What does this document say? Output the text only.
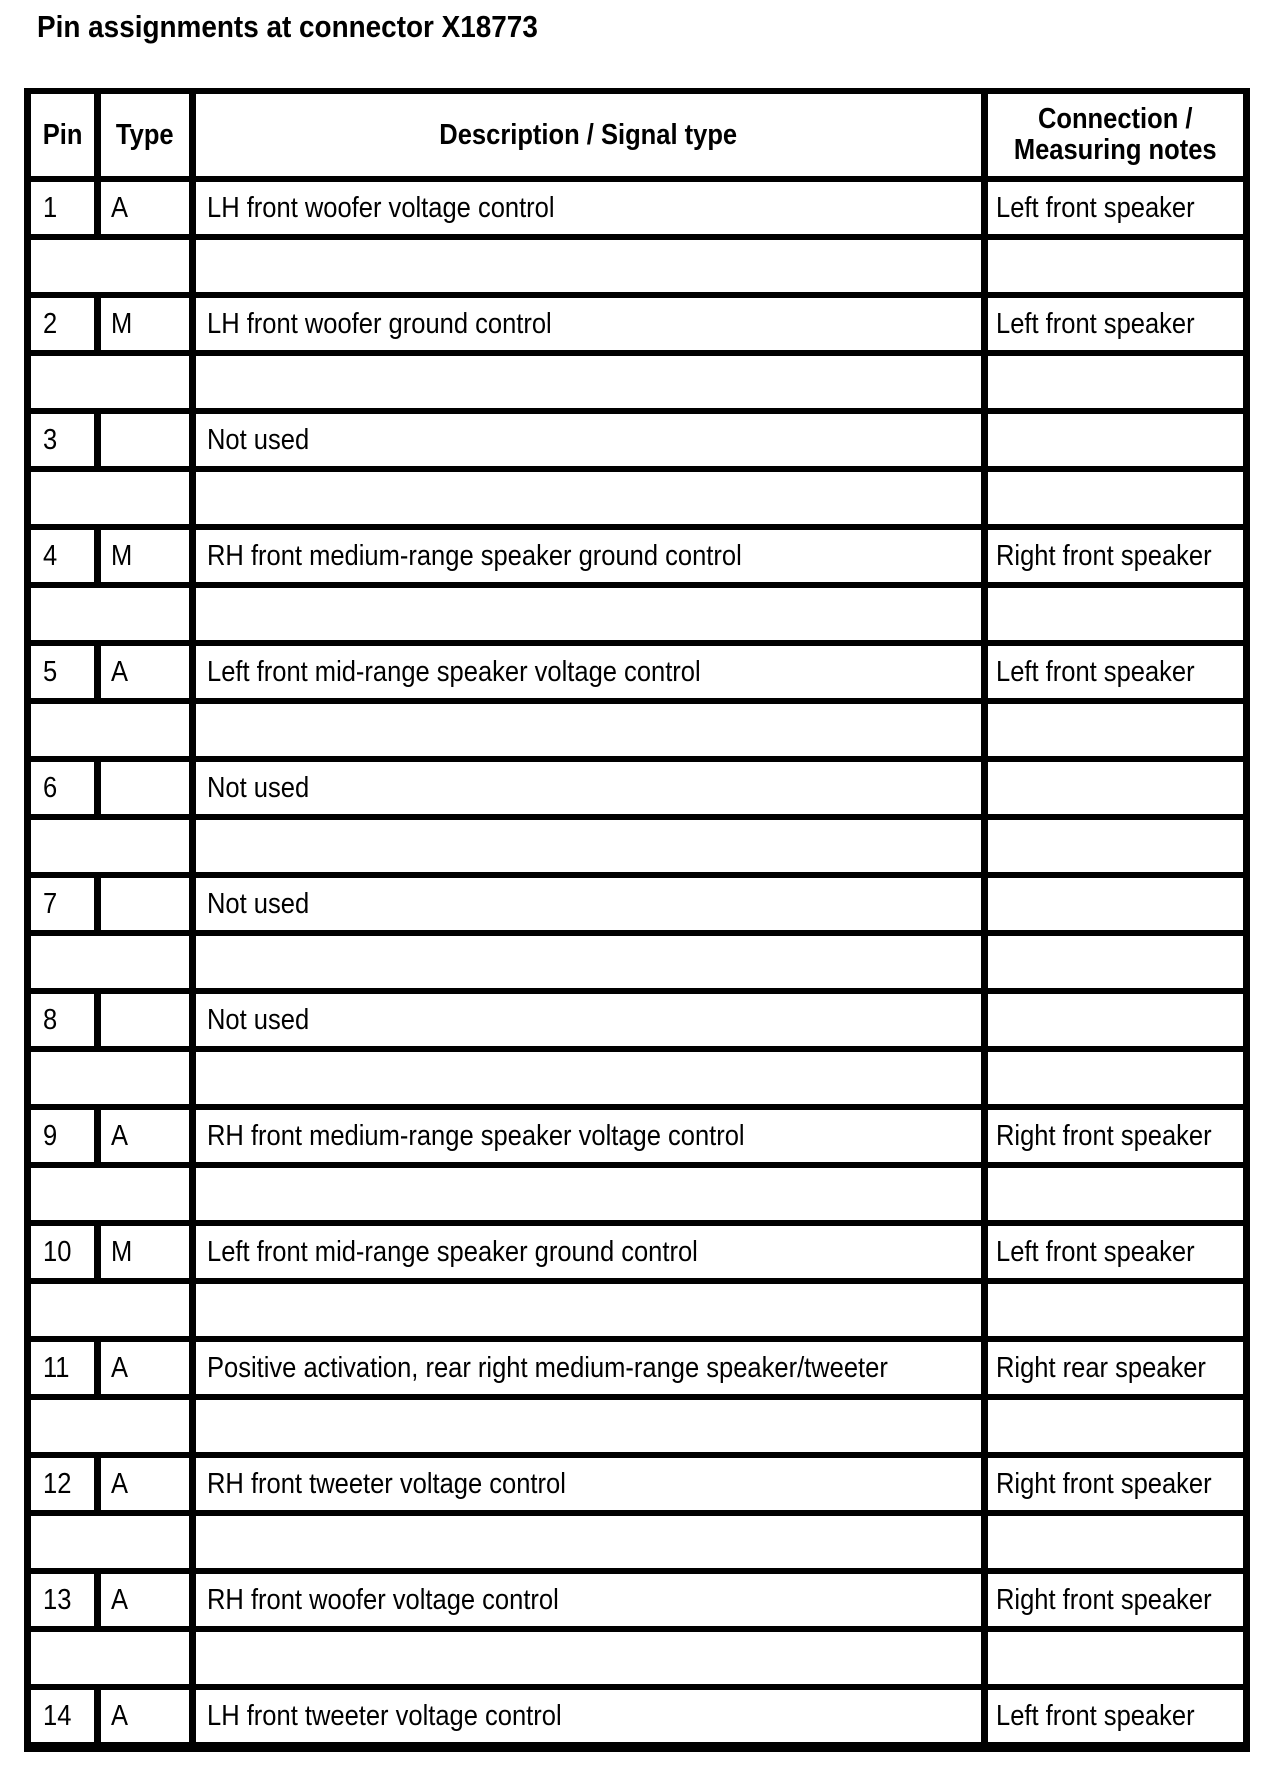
Pin assignments at connector X18773
Pin	Type	Description / Signal type	Connection /
Measuring notes
1	A	LH front woofer voltage control	Left front speaker

2	M	LH front woofer ground control	Left front speaker

3		Not used	

4	M	RH front medium-range speaker ground control	Right front speaker

5	A	Left front mid-range speaker voltage control	Left front speaker

6		Not used	

7		Not used	

8		Not used	

9	A	RH front medium-range speaker voltage control	Right front speaker

10	M	Left front mid-range speaker ground control	Left front speaker

11	A	Positive activation, rear right medium-range speaker/tweeter	Right rear speaker

12	A	RH front tweeter voltage control	Right front speaker

13	A	RH front woofer voltage control	Right front speaker

14	A	LH front tweeter voltage control	Left front speaker
